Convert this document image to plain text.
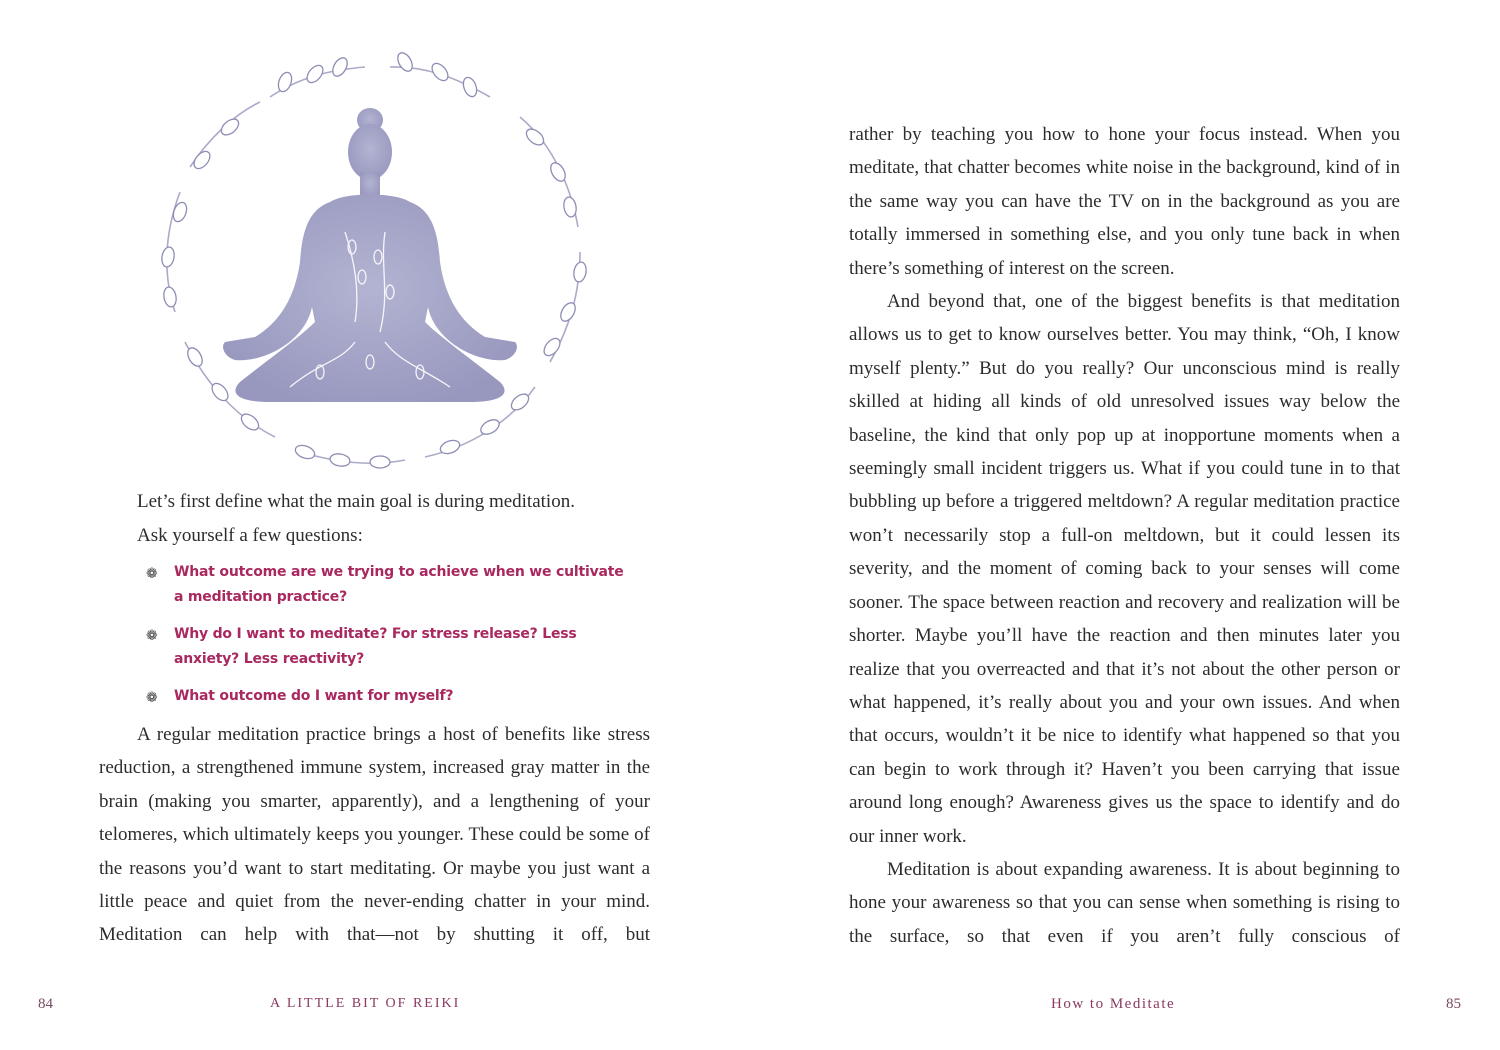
Let’s first define what the main goal is during meditation.

Ask yourself a few questions:

❁	What outcome are we trying to achieve when we cultivate a meditation practice?
❁	Why do I want to meditate? For stress release? Less anxiety? Less reactivity?
❁	What outcome do I want for myself?

A regular meditation practice brings a host of benefits like stress reduction, a strengthened immune system, increased gray matter in the brain (making you smarter, apparently), and a lengthening of your telomeres, which ultimately keeps you younger. These could be some of the reasons you’d want to start meditating. Or maybe you just want a little peace and quiet from the never-ending chatter in your mind. Meditation can help with that—not by shutting it off, but

84	A LITTLE BIT OF REIKI

rather by teaching you how to hone your focus instead. When you meditate, that chatter becomes white noise in the background, kind of in the same way you can have the TV on in the background as you are totally immersed in something else, and you only tune back in when there’s something of interest on the screen.

And beyond that, one of the biggest benefits is that meditation allows us to get to know ourselves better. You may think, “Oh, I know myself plenty.” But do you really? Our unconscious mind is really skilled at hiding all kinds of old unresolved issues way below the baseline, the kind that only pop up at inopportune moments when a seemingly small incident triggers us. What if you could tune in to that bubbling up before a triggered meltdown? A regular meditation practice won’t necessarily stop a full-on meltdown, but it could lessen its severity, and the moment of coming back to your senses will come sooner. The space between reaction and recovery and realization will be shorter. Maybe you’ll have the reaction and then minutes later you realize that you overreacted and that it’s not about the other person or what happened, it’s really about you and your own issues. And when that occurs, wouldn’t it be nice to identify what happened so that you can begin to work through it? Haven’t you been carrying that issue around long enough? Awareness gives us the space to identify and do our inner work.

Meditation is about expanding awareness. It is about beginning to hone your awareness so that you can sense when something is rising to the surface, so that even if you aren’t fully conscious of

How to Meditate	85
